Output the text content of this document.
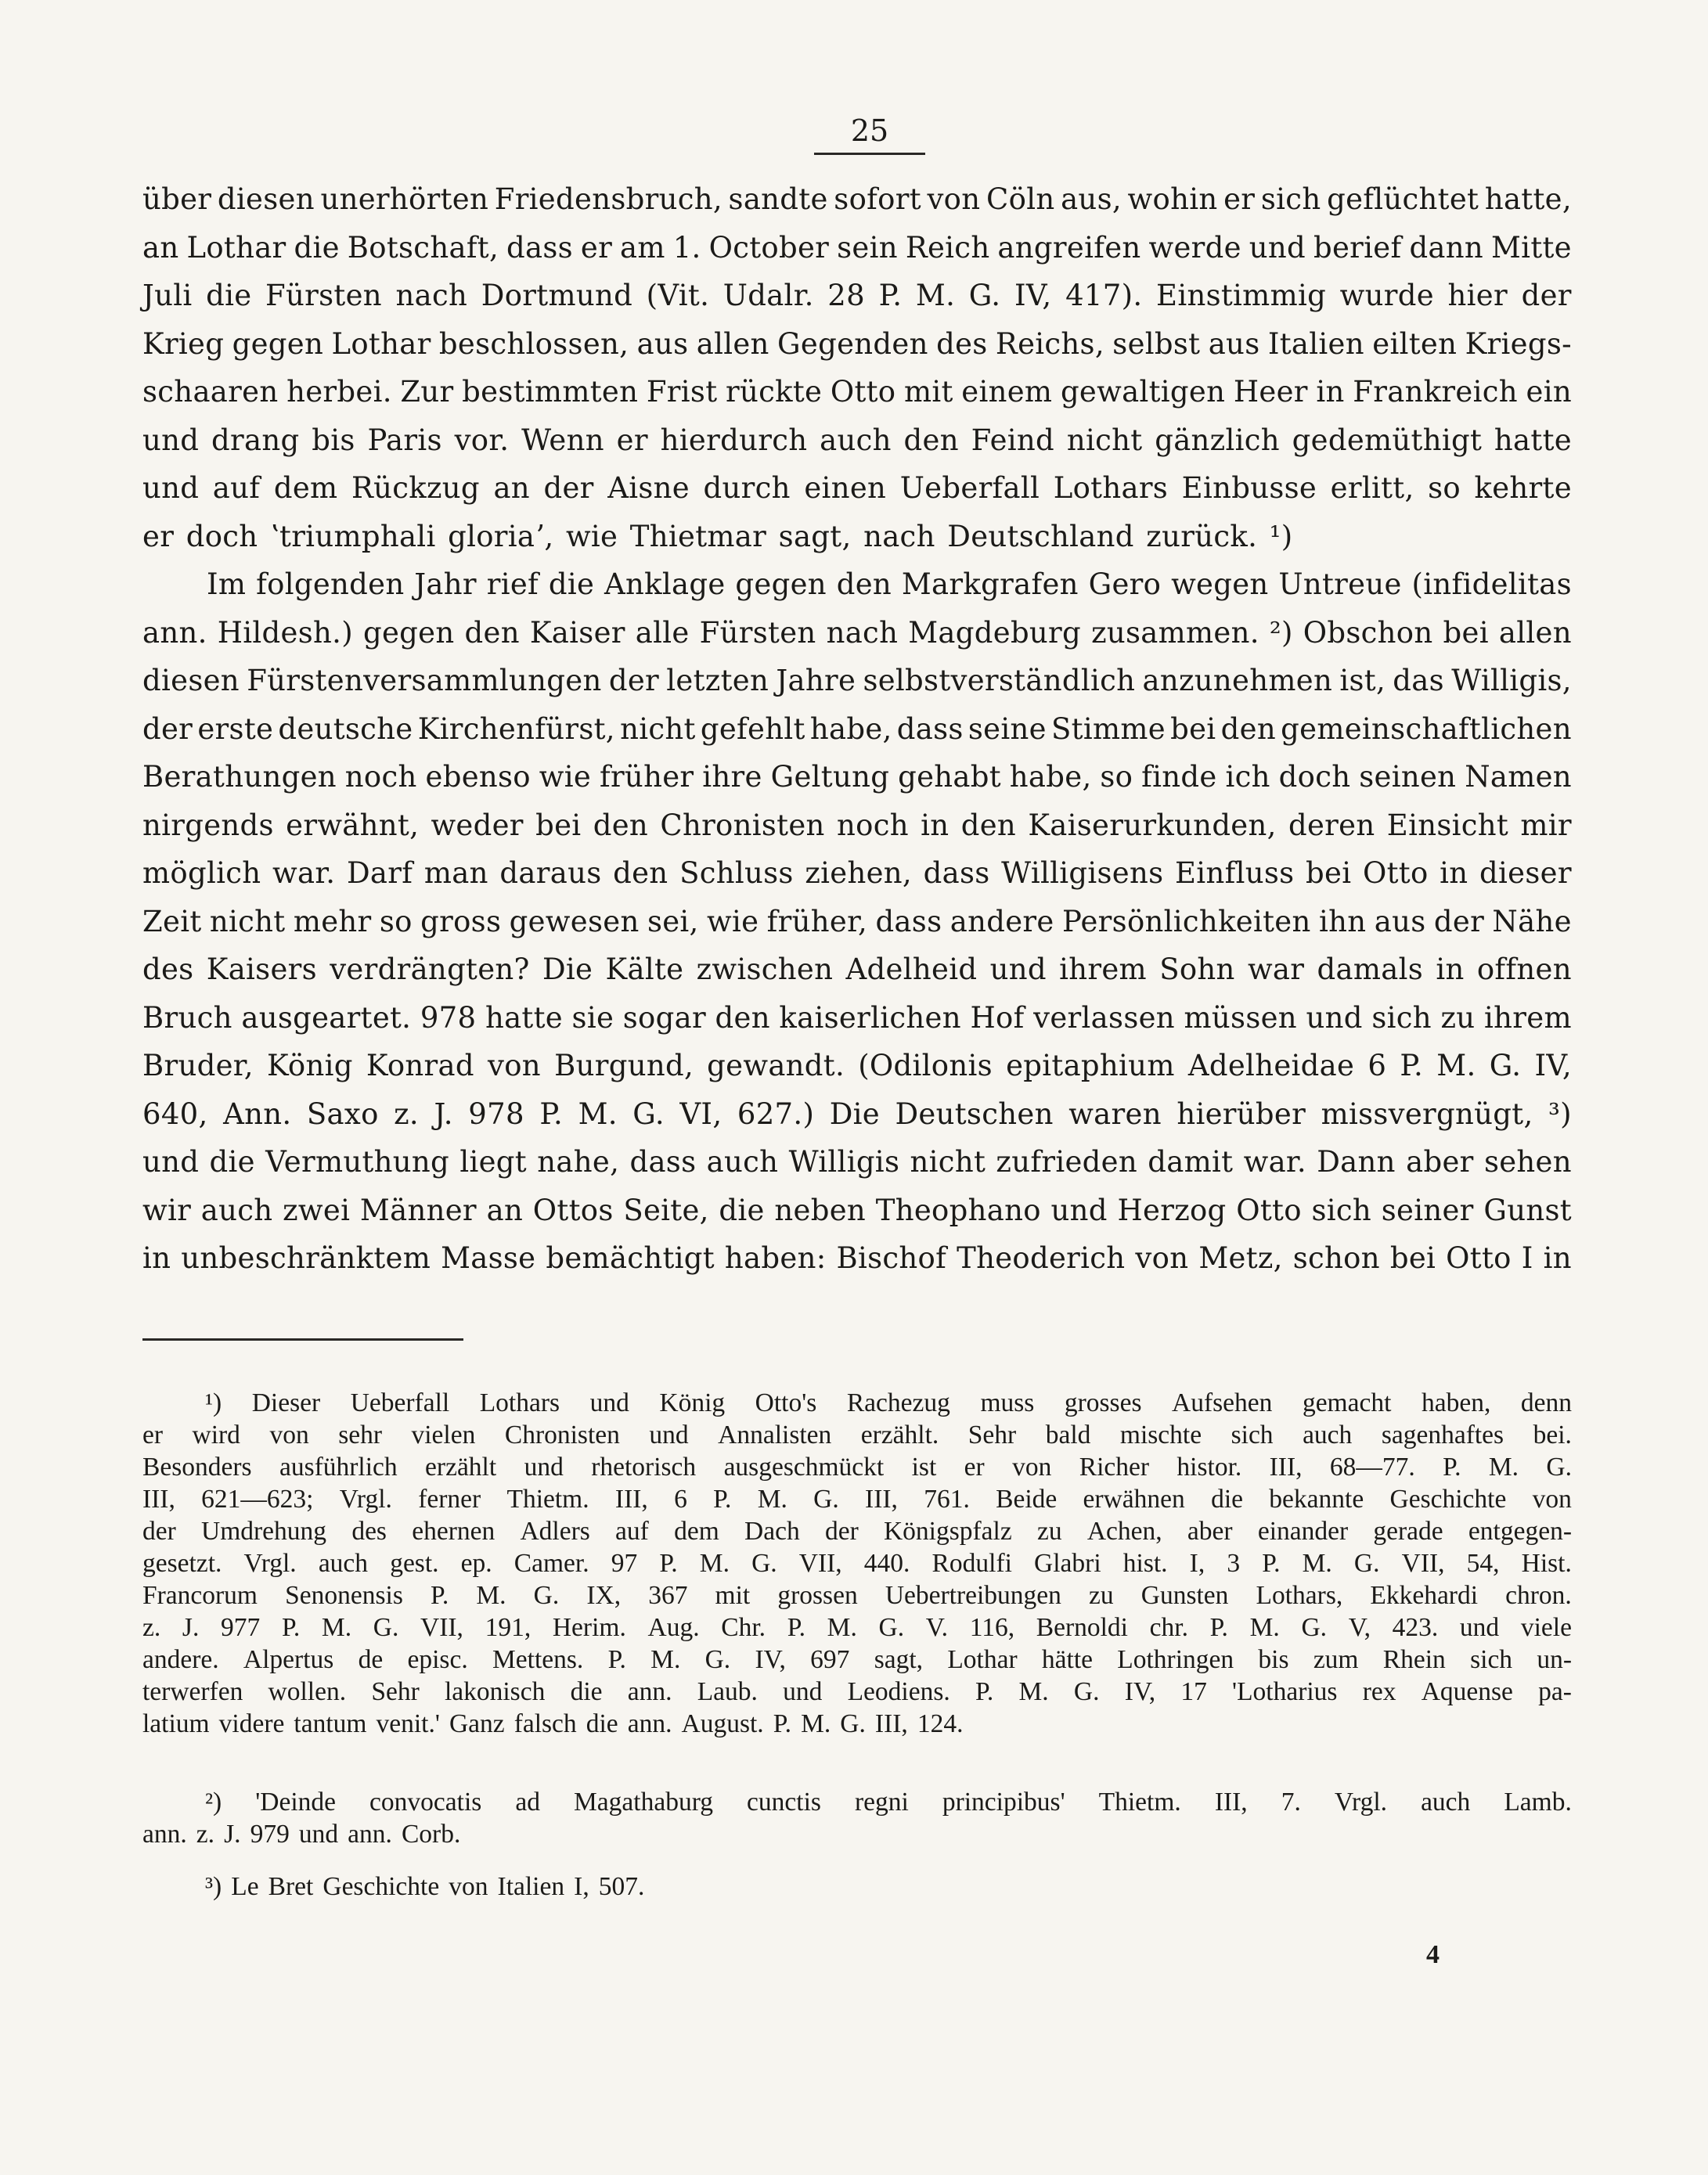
25
über diesen unerhörten Friedensbruch, sandte sofort von Cöln aus, wohin er sich geflüchtet hatte,
an Lothar die Botschaft, dass er am 1. October sein Reich angreifen werde und berief dann Mitte
Juli die Fürsten nach Dortmund (Vit. Udalr. 28 P. M. G. IV, 417). Einstimmig wurde hier der
Krieg gegen Lothar beschlossen, aus allen Gegenden des Reichs, selbst aus Italien eilten Kriegs-
schaaren herbei. Zur bestimmten Frist rückte Otto mit einem gewaltigen Heer in Frankreich ein
und drang bis Paris vor. Wenn er hierdurch auch den Feind nicht gänzlich gedemüthigt hatte
und auf dem Rückzug an der Aisne durch einen Ueberfall Lothars Einbusse erlitt, so kehrte
er doch ʽtriumphali gloriaʼ, wie Thietmar sagt, nach Deutschland zurück. ¹)
Im folgenden Jahr rief die Anklage gegen den Markgrafen Gero wegen Untreue (infidelitas
ann. Hildesh.) gegen den Kaiser alle Fürsten nach Magdeburg zusammen. ²) Obschon bei allen
diesen Fürstenversammlungen der letzten Jahre selbstverständlich anzunehmen ist, das Willigis,
der erste deutsche Kirchenfürst, nicht gefehlt habe, dass seine Stimme bei den gemeinschaftlichen
Berathungen noch ebenso wie früher ihre Geltung gehabt habe, so finde ich doch seinen Namen
nirgends erwähnt, weder bei den Chronisten noch in den Kaiserurkunden, deren Einsicht mir
möglich war. Darf man daraus den Schluss ziehen, dass Willigisens Einfluss bei Otto in dieser
Zeit nicht mehr so gross gewesen sei, wie früher, dass andere Persönlichkeiten ihn aus der Nähe
des Kaisers verdrängten? Die Kälte zwischen Adelheid und ihrem Sohn war damals in offnen
Bruch ausgeartet. 978 hatte sie sogar den kaiserlichen Hof verlassen müssen und sich zu ihrem
Bruder, König Konrad von Burgund, gewandt. (Odilonis epitaphium Adelheidae 6 P. M. G. IV,
640, Ann. Saxo z. J. 978 P. M. G. VI, 627.) Die Deutschen waren hierüber missvergnügt, ³)
und die Vermuthung liegt nahe, dass auch Willigis nicht zufrieden damit war. Dann aber sehen
wir auch zwei Männer an Ottos Seite, die neben Theophano und Herzog Otto sich seiner Gunst
in unbeschränktem Masse bemächtigt haben: Bischof Theoderich von Metz, schon bei Otto I in
¹) Dieser Ueberfall Lothars und König Otto's Rachezug muss grosses Aufsehen gemacht haben, denn
er wird von sehr vielen Chronisten und Annalisten erzählt. Sehr bald mischte sich auch sagenhaftes bei.
Besonders ausführlich erzählt und rhetorisch ausgeschmückt ist er von Richer histor. III, 68—77. P. M. G.
III, 621—623; Vrgl. ferner Thietm. III, 6 P. M. G. III, 761. Beide erwähnen die bekannte Geschichte von
der Umdrehung des ehernen Adlers auf dem Dach der Königspfalz zu Achen, aber einander gerade entgegen-
gesetzt. Vrgl. auch gest. ep. Camer. 97 P. M. G. VII, 440. Rodulfi Glabri hist. I, 3 P. M. G. VII, 54, Hist.
Francorum Senonensis P. M. G. IX, 367 mit grossen Uebertreibungen zu Gunsten Lothars, Ekkehardi chron.
z. J. 977 P. M. G. VII, 191, Herim. Aug. Chr. P. M. G. V. 116, Bernoldi chr. P. M. G. V, 423. und viele
andere. Alpertus de episc. Mettens. P. M. G. IV, 697 sagt, Lothar hätte Lothringen bis zum Rhein sich un-
terwerfen wollen. Sehr lakonisch die ann. Laub. und Leodiens. P. M. G. IV, 17 'Lotharius rex Aquense pa-
latium videre tantum venit.' Ganz falsch die ann. August. P. M. G. III, 124.
²) 'Deinde convocatis ad Magathaburg cunctis regni principibus' Thietm. III, 7. Vrgl. auch Lamb.
ann. z. J. 979 und ann. Corb.
³) Le Bret Geschichte von Italien I, 507.
4
